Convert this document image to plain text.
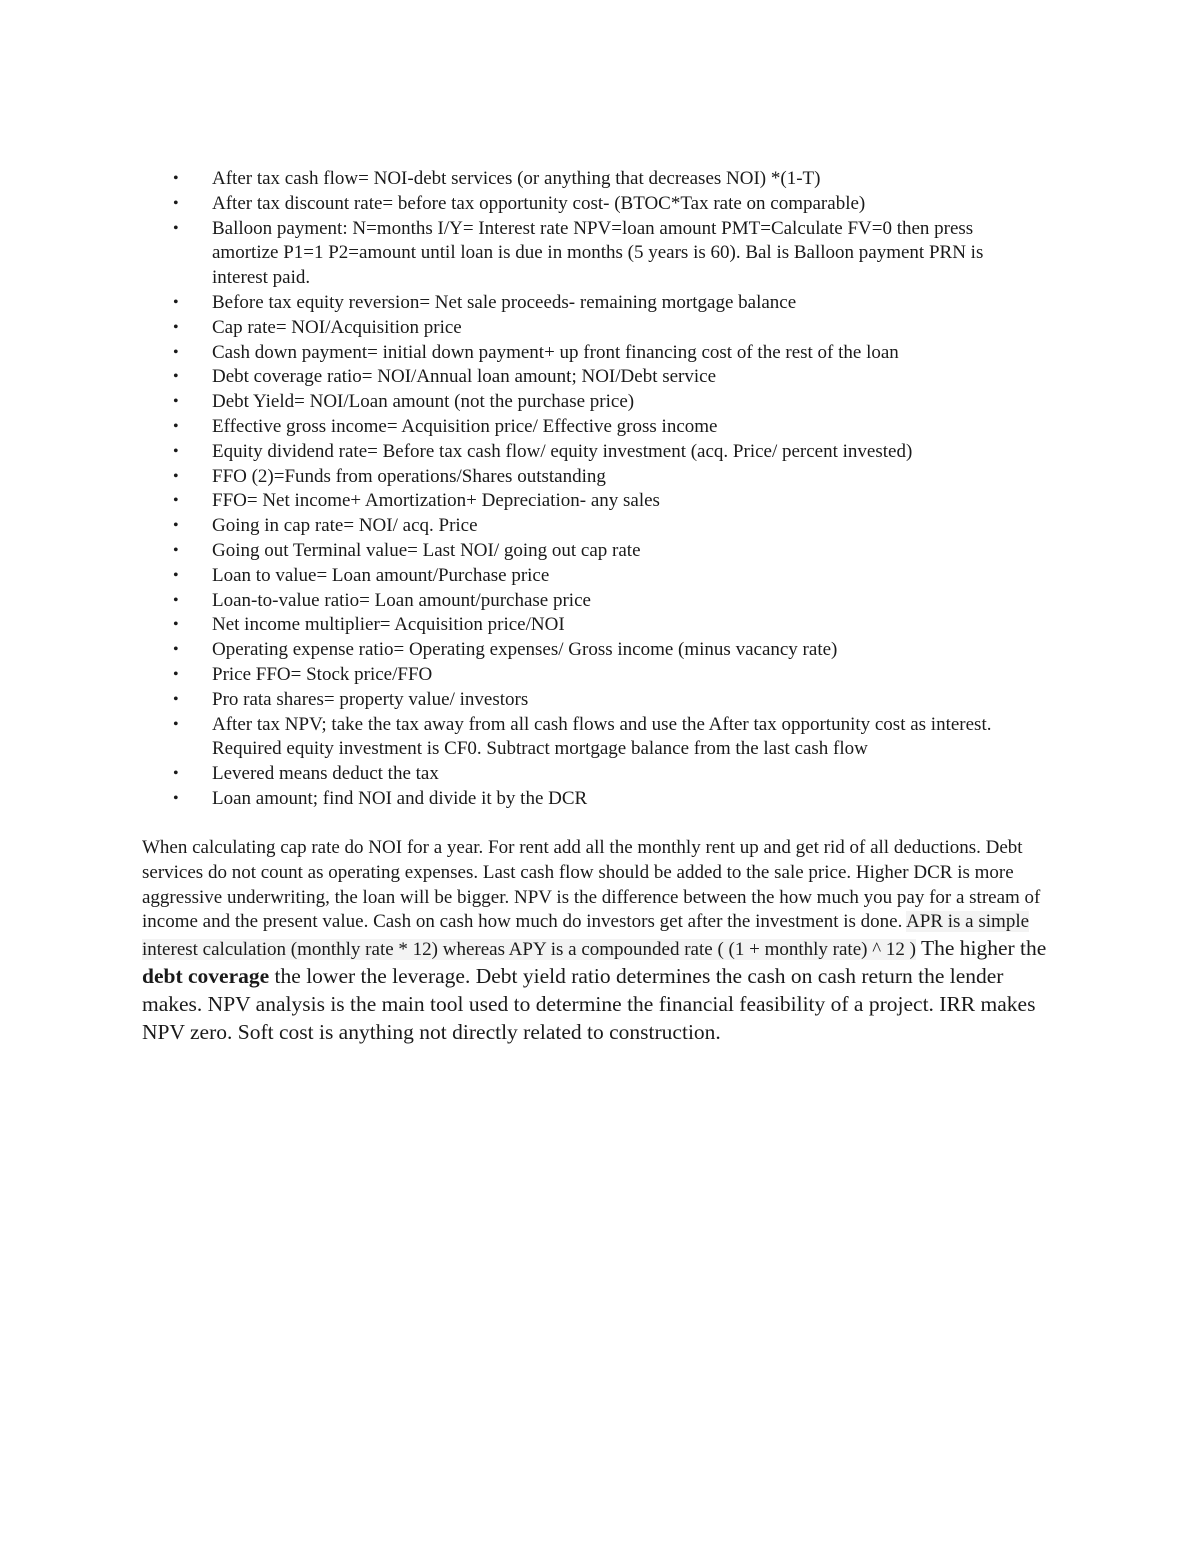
• After tax cash flow= NOI-debt services (or anything that decreases NOI) *(1-T)
• After tax discount rate= before tax opportunity cost- (BTOC*Tax rate on comparable)
• Balloon payment: N=months I/Y= Interest rate NPV=loan amount PMT=Calculate FV=0 then press amortize P1=1 P2=amount until loan is due in months (5 years is 60). Bal is Balloon payment PRN is interest paid.
• Before tax equity reversion= Net sale proceeds- remaining mortgage balance
• Cap rate= NOI/Acquisition price
• Cash down payment= initial down payment+ up front financing cost of the rest of the loan
• Debt coverage ratio= NOI/Annual loan amount; NOI/Debt service
• Debt Yield= NOI/Loan amount (not the purchase price)
• Effective gross income= Acquisition price/ Effective gross income
• Equity dividend rate= Before tax cash flow/ equity investment (acq. Price/ percent invested)
• FFO (2)=Funds from operations/Shares outstanding
• FFO= Net income+ Amortization+ Depreciation- any sales
• Going in cap rate= NOI/ acq. Price
• Going out Terminal value= Last NOI/ going out cap rate
• Loan to value= Loan amount/Purchase price
• Loan-to-value ratio= Loan amount/purchase price
• Net income multiplier= Acquisition price/NOI
• Operating expense ratio= Operating expenses/ Gross income (minus vacancy rate)
• Price FFO= Stock price/FFO
• Pro rata shares= property value/ investors
• After tax NPV; take the tax away from all cash flows and use the After tax opportunity cost as interest. Required equity investment is CF0. Subtract mortgage balance from the last cash flow
• Levered means deduct the tax
• Loan amount; find NOI and divide it by the DCR

When calculating cap rate do NOI for a year. For rent add all the monthly rent up and get rid of all deductions. Debt services do not count as operating expenses. Last cash flow should be added to the sale price. Higher DCR is more aggressive underwriting, the loan will be bigger. NPV is the difference between the how much you pay for a stream of income and the present value. Cash on cash how much do investors get after the investment is done. APR is a simple interest calculation (monthly rate * 12) whereas APY is a compounded rate ( (1 + monthly rate) ^ 12 ) The higher the debt coverage the lower the leverage. Debt yield ratio determines the cash on cash return the lender makes. NPV analysis is the main tool used to determine the financial feasibility of a project. IRR makes NPV zero. Soft cost is anything not directly related to construction.
